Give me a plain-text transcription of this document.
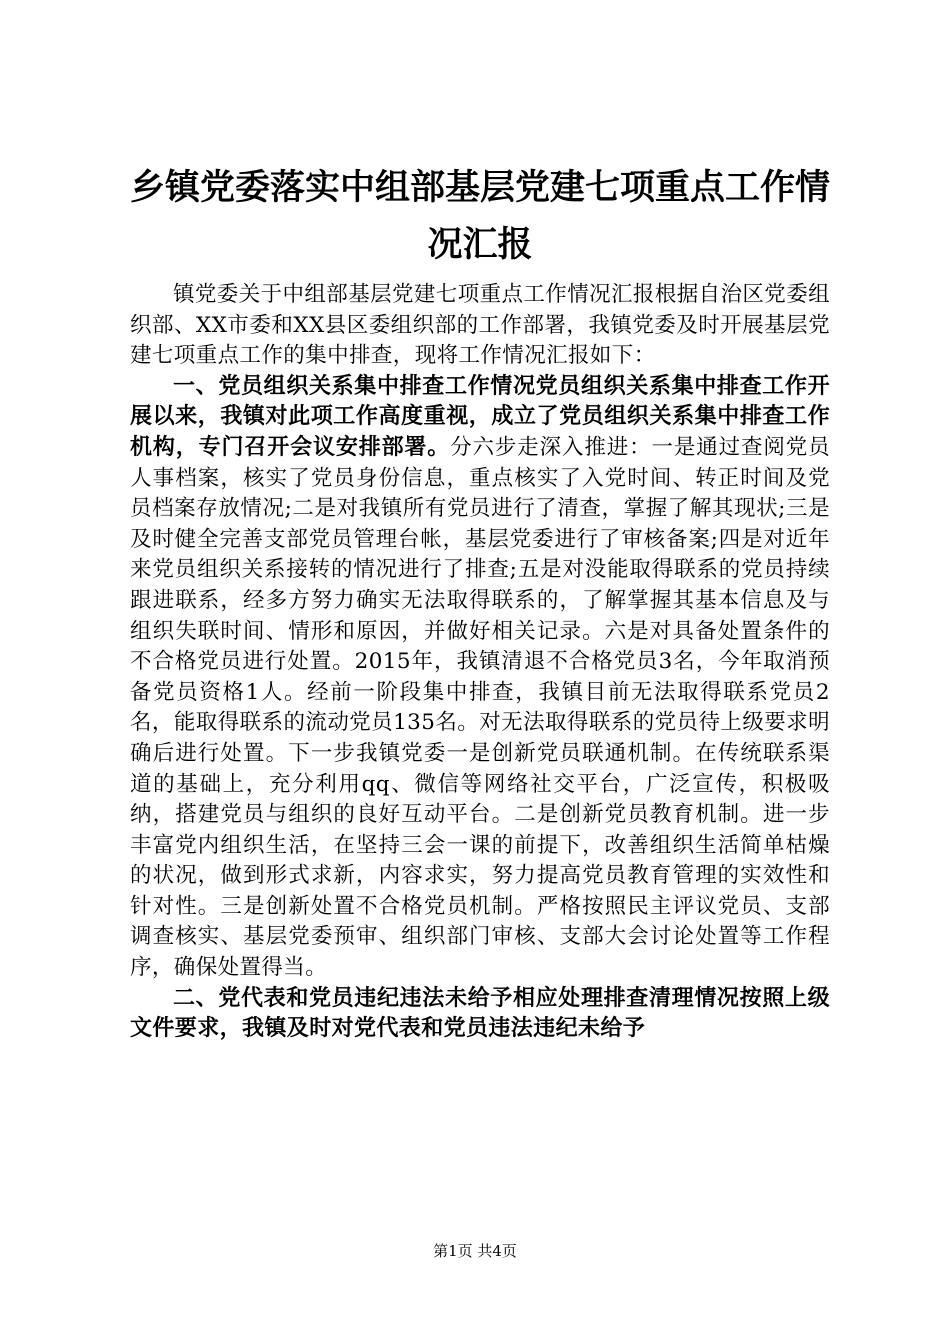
乡镇党委落实中组部基层党建七项重点工作情况汇报

镇党委关于中组部基层党建七项重点工作情况汇报根据自治区党委组织部、XX市委和XX县区委组织部的工作部署，我镇党委及时开展基层党建七项重点工作的集中排查，现将工作情况汇报如下：

一、党员组织关系集中排查工作情况党员组织关系集中排查工作开展以来，我镇对此项工作高度重视，成立了党员组织关系集中排查工作机构，专门召开会议安排部署。分六步走深入推进：一是通过查阅党员人事档案，核实了党员身份信息，重点核实了入党时间、转正时间及党员档案存放情况;二是对我镇所有党员进行了清查，掌握了解其现状;三是及时健全完善支部党员管理台帐，基层党委进行了审核备案;四是对近年来党员组织关系接转的情况进行了排查;五是对没能取得联系的党员持续跟进联系，经多方努力确实无法取得联系的，了解掌握其基本信息及与组织失联时间、情形和原因，并做好相关记录。六是对具备处置条件的不合格党员进行处置。2015年，我镇清退不合格党员3名，今年取消预备党员资格1人。经前一阶段集中排查，我镇目前无法取得联系党员2名，能取得联系的流动党员135名。对无法取得联系的党员待上级要求明确后进行处置。下一步我镇党委一是创新党员联通机制。在传统联系渠道的基础上，充分利用qq、微信等网络社交平台，广泛宣传，积极吸纳，搭建党员与组织的良好互动平台。二是创新党员教育机制。进一步丰富党内组织生活，在坚持三会一课的前提下，改善组织生活简单枯燥的状况，做到形式求新，内容求实，努力提高党员教育管理的实效性和针对性。三是创新处置不合格党员机制。严格按照民主评议党员、支部调查核实、基层党委预审、组织部门审核、支部大会讨论处置等工作程序，确保处置得当。

二、党代表和党员违纪违法未给予相应处理排查清理情况按照上级文件要求，我镇及时对党代表和党员违法违纪未给予

第1页 共4页
